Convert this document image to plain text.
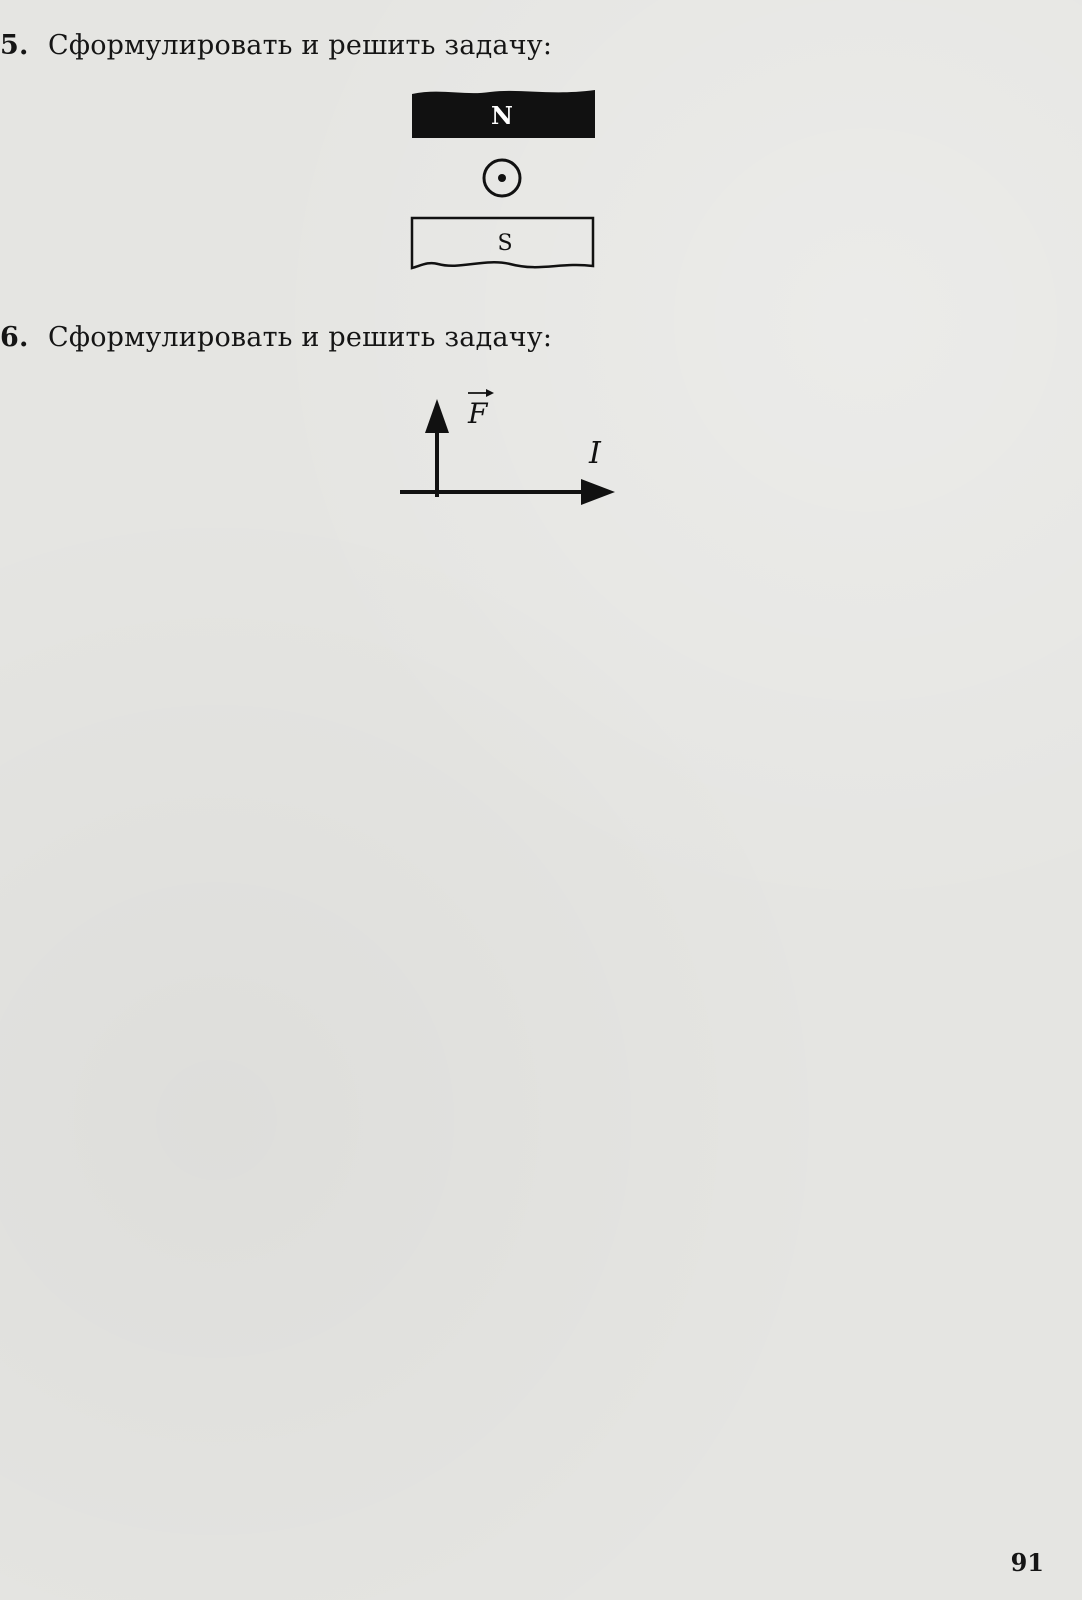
5. Сформулировать и решить задачу:
N
S
6. Сформулировать и решить задачу:
F
I
91
